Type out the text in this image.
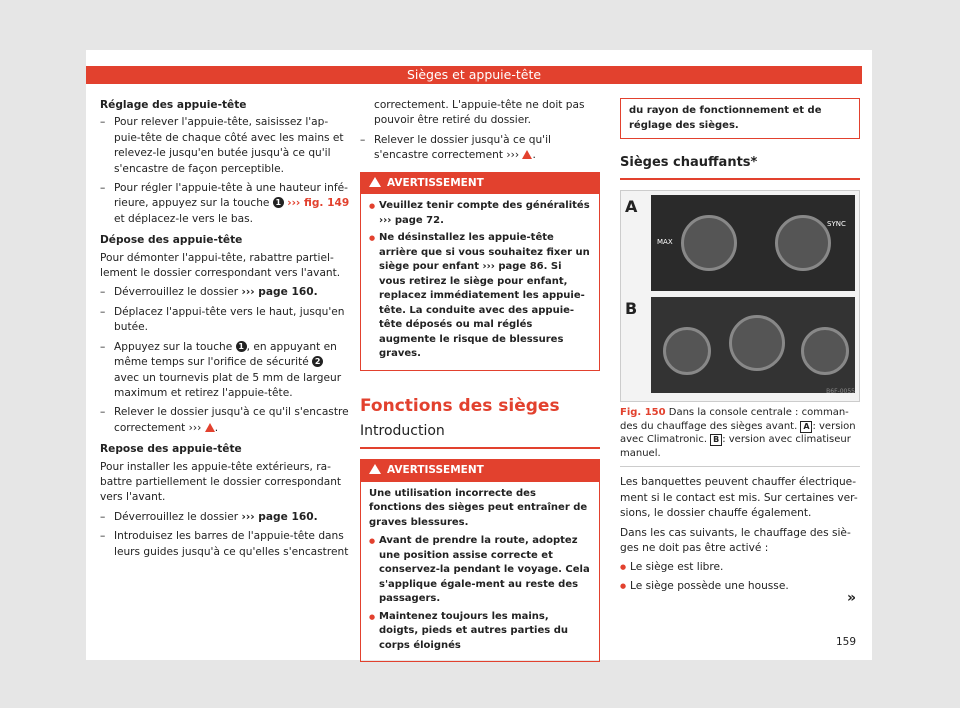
Sièges et appuie-tête
Réglage des appuie-tête
– Pour relever l'appuie-tête, saisissez l'ap-puie-tête de chaque côté avec les mains et relevez-le jusqu'en butée jusqu'à ce qu'il s'encastre de façon perceptible.
– Pour régler l'appuie-tête à une hauteur infé-rieure, appuyez sur la touche 1 ››› fig. 149 et déplacez-le vers le bas.
Dépose des appuie-tête

Pour démonter l'appui-tête, rabattre partiel-lement le dossier correspondant vers l'avant.

– Déverrouillez le dossier ››› page 160.
– Déplacez l'appui-tête vers le haut, jusqu'en butée.
– Appuyez sur la touche 1 , en appuyant en même temps sur l'orifice de sécurité 2 avec un tournevis plat de 5 mm de largeur maximum et retirez l'appuie-tête.
– Relever le dossier jusqu'à ce qu'il s'encastre correctement ››› .
Repose des appuie-tête

Pour installer les appuie-tête extérieurs, ra-battre partiellement le dossier correspondant vers l'avant.

– Déverrouillez le dossier ››› page 160.
– Introduisez les barres de l'appuie-tête dans leurs guides jusqu'à ce qu'elles s'encastrent

correctement. L'appuie-tête ne doit pas pouvoir être retiré du dossier.

– Relever le dossier jusqu'à ce qu'il s'encastre correctement ››› .
AVERTISSEMENT
● Veuillez tenir compte des généralités ››› page 72.
● Ne désinstallez les appuie-tête arrière que si vous souhaitez fixer un siège pour enfant ››› page 86. Si vous retirez le siège pour enfant, replacez immédiatement les appuie-tête. La conduite avec des appuie-tête déposés ou mal réglés augmente le risque de blessures graves.
Fonctions des sièges
Introduction
AVERTISSEMENT

Une utilisation incorrecte des fonctions des sièges peut entraîner de graves blessures.

● Avant de prendre la route, adoptez une position assise correcte et conservez-la pendant le voyage. Cela s'applique égale-ment au reste des passagers.
● Maintenez toujours les mains, doigts, pieds et autres parties du corps éloignés
du rayon de fonctionnement et de réglage des sièges.
Sièges chauffants*
A
B
MAX
SYNC
B6F-0055
Fig. 150 Dans la console centrale : comman-des du chauffage des sièges avant. A : version avec Climatronic. B : version avec climatiseur manuel.

Les banquettes peuvent chauffer électrique-ment si le contact est mis. Sur certaines ver-sions, le dossier chauffe également.

Dans les cas suivants, le chauffage des siè-ges ne doit pas être activé :

● Le siège est libre.
● Le siège possède une housse.
»
159
